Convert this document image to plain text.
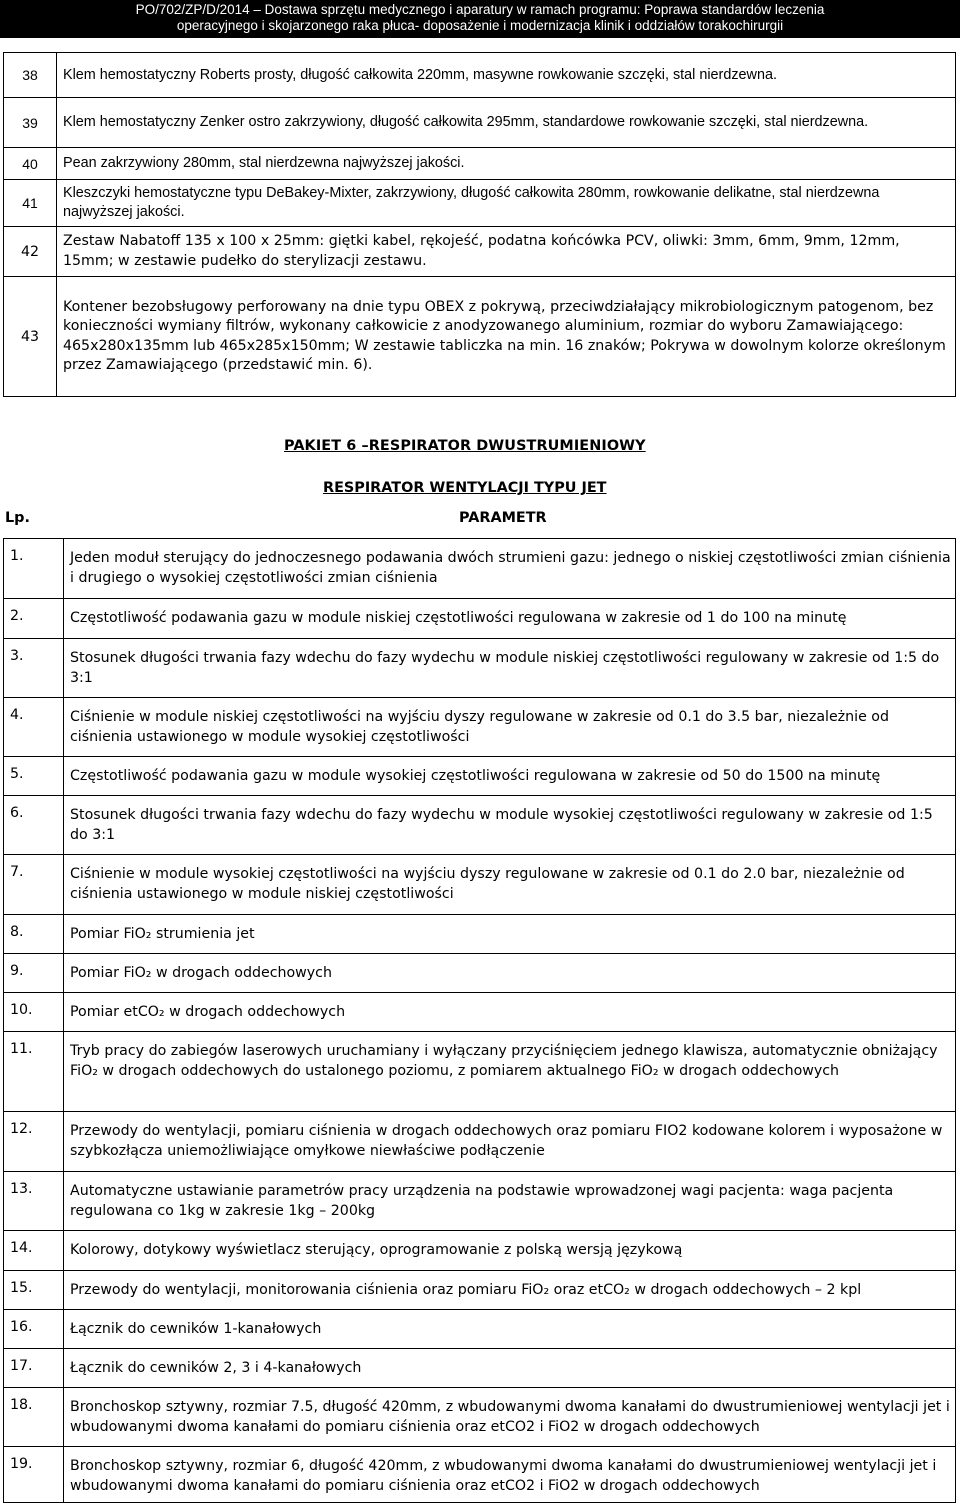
PO/702/ZP/D/2014 – Dostawa sprzętu medycznego i aparatury w ramach programu: Poprawa standardów leczenia
operacyjnego i skojarzonego raka płuca- doposażenie i modernizacja klinik i oddziałów torakochirurgii
38	Klem hemostatyczny Roberts prosty, długość całkowita 220mm, masywne rowkowanie szczęki, stal nierdzewna.
39	Klem hemostatyczny Zenker ostro zakrzywiony, długość całkowita 295mm, standardowe rowkowanie szczęki, stal nierdzewna.
40	Pean zakrzywiony 280mm, stal nierdzewna najwyższej jakości.
41	Kleszczyki hemostatyczne typu DeBakey-Mixter, zakrzywiony, długość całkowita 280mm, rowkowanie delikatne, stal nierdzewna najwyższej jakości.
42	Zestaw Nabatoff 135 x 100 x 25mm: giętki kabel, rękojeść, podatna końcówka PCV, oliwki: 3mm, 6mm, 9mm, 12mm, 15mm; w zestawie pudełko do sterylizacji zestawu.
43	Kontener bezobsługowy perforowany na dnie typu OBEX z pokrywą, przeciwdziałający mikrobiologicznym patogenom, bez konieczności wymiany filtrów, wykonany całkowicie z anodyzowanego aluminium, rozmiar do wyboru Zamawiającego: 465x280x135mm lub 465x285x150mm; W zestawie tabliczka na min. 16 znaków; Pokrywa w dowolnym kolorze określonym przez Zamawiającego (przedstawić min. 6).
PAKIET 6 –RESPIRATOR DWUSTRUMIENIOWY
RESPIRATOR WENTYLACJI TYPU JET
Lp.	PARAMETR
1.	Jeden moduł sterujący do jednoczesnego podawania dwóch strumieni gazu: jednego o niskiej częstotliwości zmian ciśnienia i drugiego o wysokiej częstotliwości zmian ciśnienia

2.	Częstotliwość podawania gazu w module niskiej częstotliwości regulowana w zakresie od 1 do 100 na minutę

3.	Stosunek długości trwania fazy wdechu do fazy wydechu w module niskiej częstotliwości regulowany w zakresie od 1:5 do 3:1

4.	Ciśnienie w module niskiej częstotliwości na wyjściu dyszy regulowane w zakresie od 0.1 do 3.5 bar, niezależnie od ciśnienia ustawionego w module wysokiej częstotliwości

5.	Częstotliwość podawania gazu w module wysokiej częstotliwości regulowana w zakresie od 50 do 1500 na minutę

6.	Stosunek długości trwania fazy wdechu do fazy wydechu w module wysokiej częstotliwości regulowany w zakresie od 1:5 do 3:1

7.	Ciśnienie w module wysokiej częstotliwości na wyjściu dyszy regulowane w zakresie od 0.1 do 2.0 bar, niezależnie od ciśnienia ustawionego w module niskiej częstotliwości

8.	Pomiar FiO₂ strumienia jet

9.	Pomiar FiO₂ w drogach oddechowych

10.	Pomiar etCO₂ w drogach oddechowych

11.	Tryb pracy do zabiegów laserowych uruchamiany i wyłączany przyciśnięciem jednego klawisza, automatycznie obniżający FiO₂ w drogach oddechowych do ustalonego poziomu, z pomiarem aktualnego FiO₂ w drogach oddechowych

12.	Przewody do wentylacji, pomiaru ciśnienia w drogach oddechowych oraz pomiaru FIO2 kodowane kolorem i wyposażone w szybkozłącza uniemożliwiające omyłkowe niewłaściwe podłączenie

13.	Automatyczne ustawianie parametrów pracy urządzenia na podstawie wprowadzonej wagi pacjenta: waga pacjenta regulowana co 1kg w zakresie 1kg – 200kg

14.	Kolorowy, dotykowy wyświetlacz sterujący, oprogramowanie z polską wersją językową

15.	Przewody do wentylacji, monitorowania ciśnienia oraz pomiaru FiO₂ oraz etCO₂ w drogach oddechowych – 2 kpl

16.	Łącznik do cewników 1-kanałowych

17.	Łącznik do cewników 2, 3 i 4-kanałowych

18.	Bronchoskop sztywny, rozmiar 7.5, długość 420mm, z wbudowanymi dwoma kanałami do dwustrumieniowej wentylacji jet i wbudowanymi dwoma kanałami do pomiaru ciśnienia oraz etCO2 i FiO2 w drogach oddechowych

19.	Bronchoskop sztywny, rozmiar 6, długość 420mm, z wbudowanymi dwoma kanałami do dwustrumieniowej wentylacji jet i wbudowanymi dwoma kanałami do pomiaru ciśnienia oraz etCO2 i FiO2 w drogach oddechowych
